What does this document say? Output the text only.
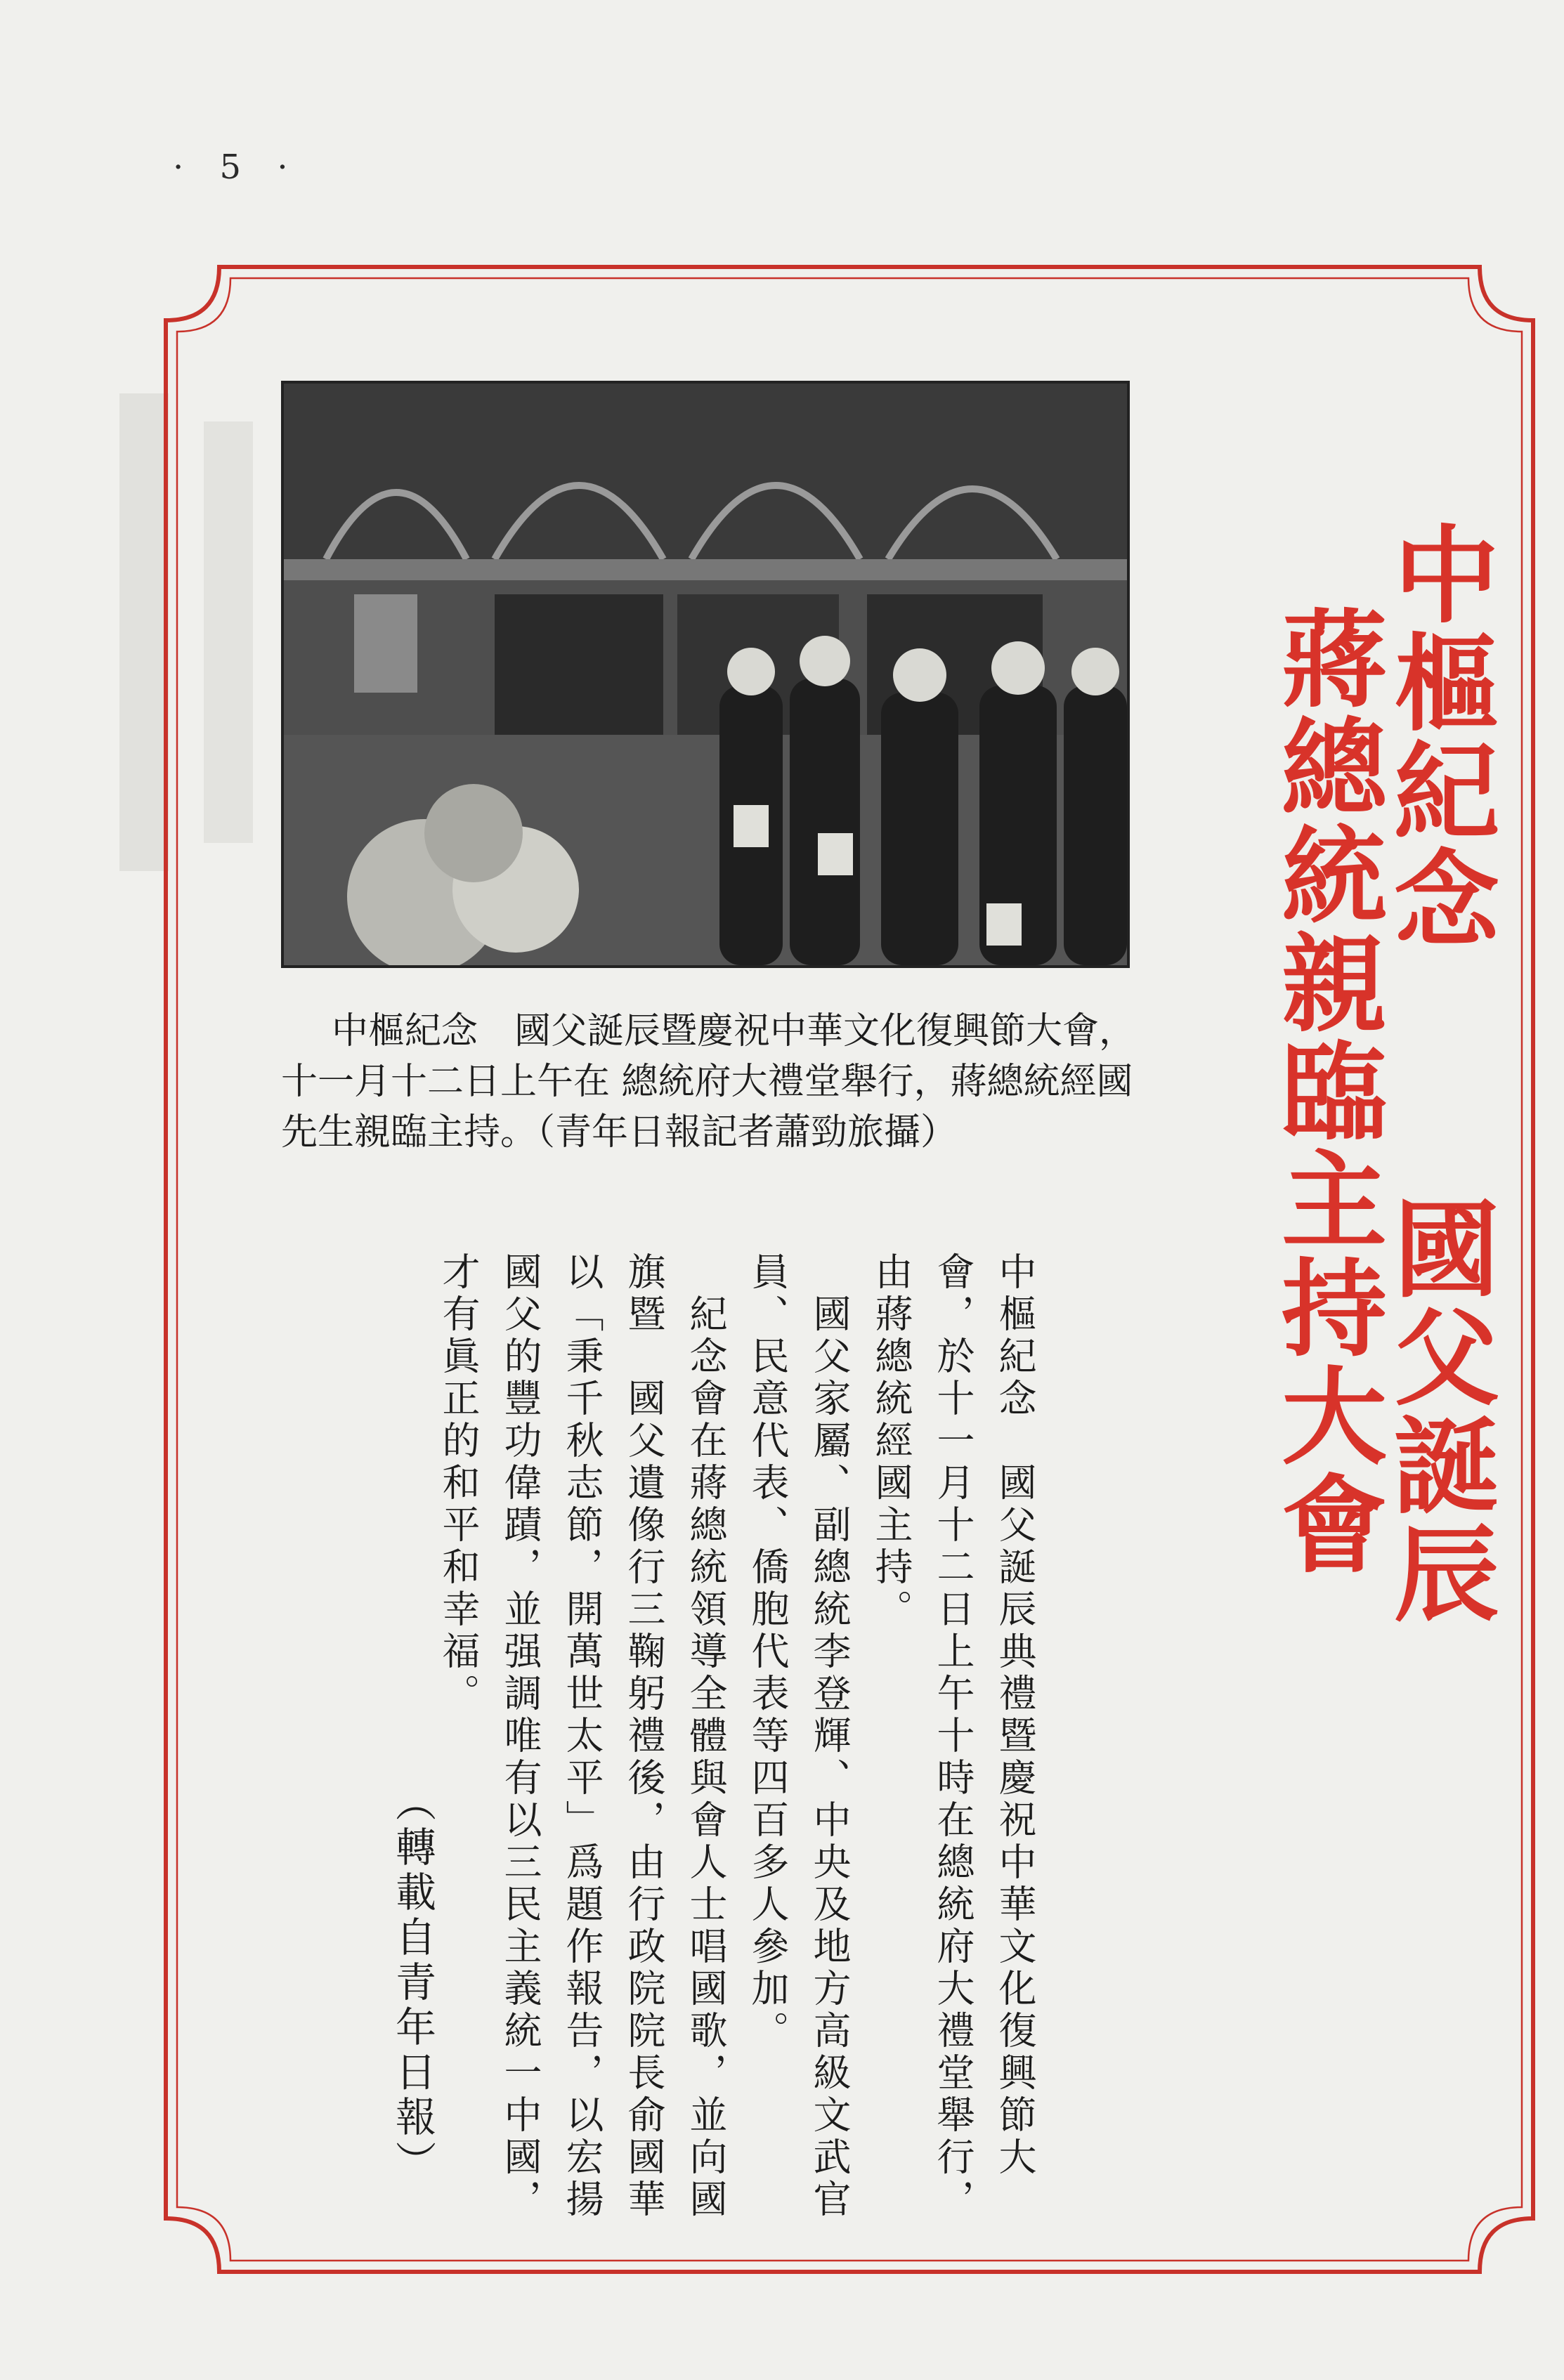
· 5 ·

中樞紀念　國父誕辰暨慶祝中華文化復興節大會，

十一月十二日上午在 總統府大禮堂舉行，蔣總統經國

先生親臨主持。（青年日報記者蕭勁旅攝）

中樞紀念
國父誕辰
蔣總統親臨主持大會

中樞紀念　國父誕辰典禮暨慶祝中華文化復興節大會，於十一月十二日上午十時在總統府大禮堂舉行，由蔣總統經國主持。

　國父家屬、副總統李登輝、中央及地方高級文武官員、民意代表、僑胞代表等四百多人參加。

　紀念會在蔣總統領導全體與會人士唱國歌，並向國旗暨　國父遺像行三鞠躬禮後，由行政院院長俞國華以「秉千秋志節，開萬世太平」爲題作報告，以宏揚　國父的豐功偉蹟，並强調唯有以三民主義統一中國，才有眞正的和平和幸福。

（轉載自青年日報）
